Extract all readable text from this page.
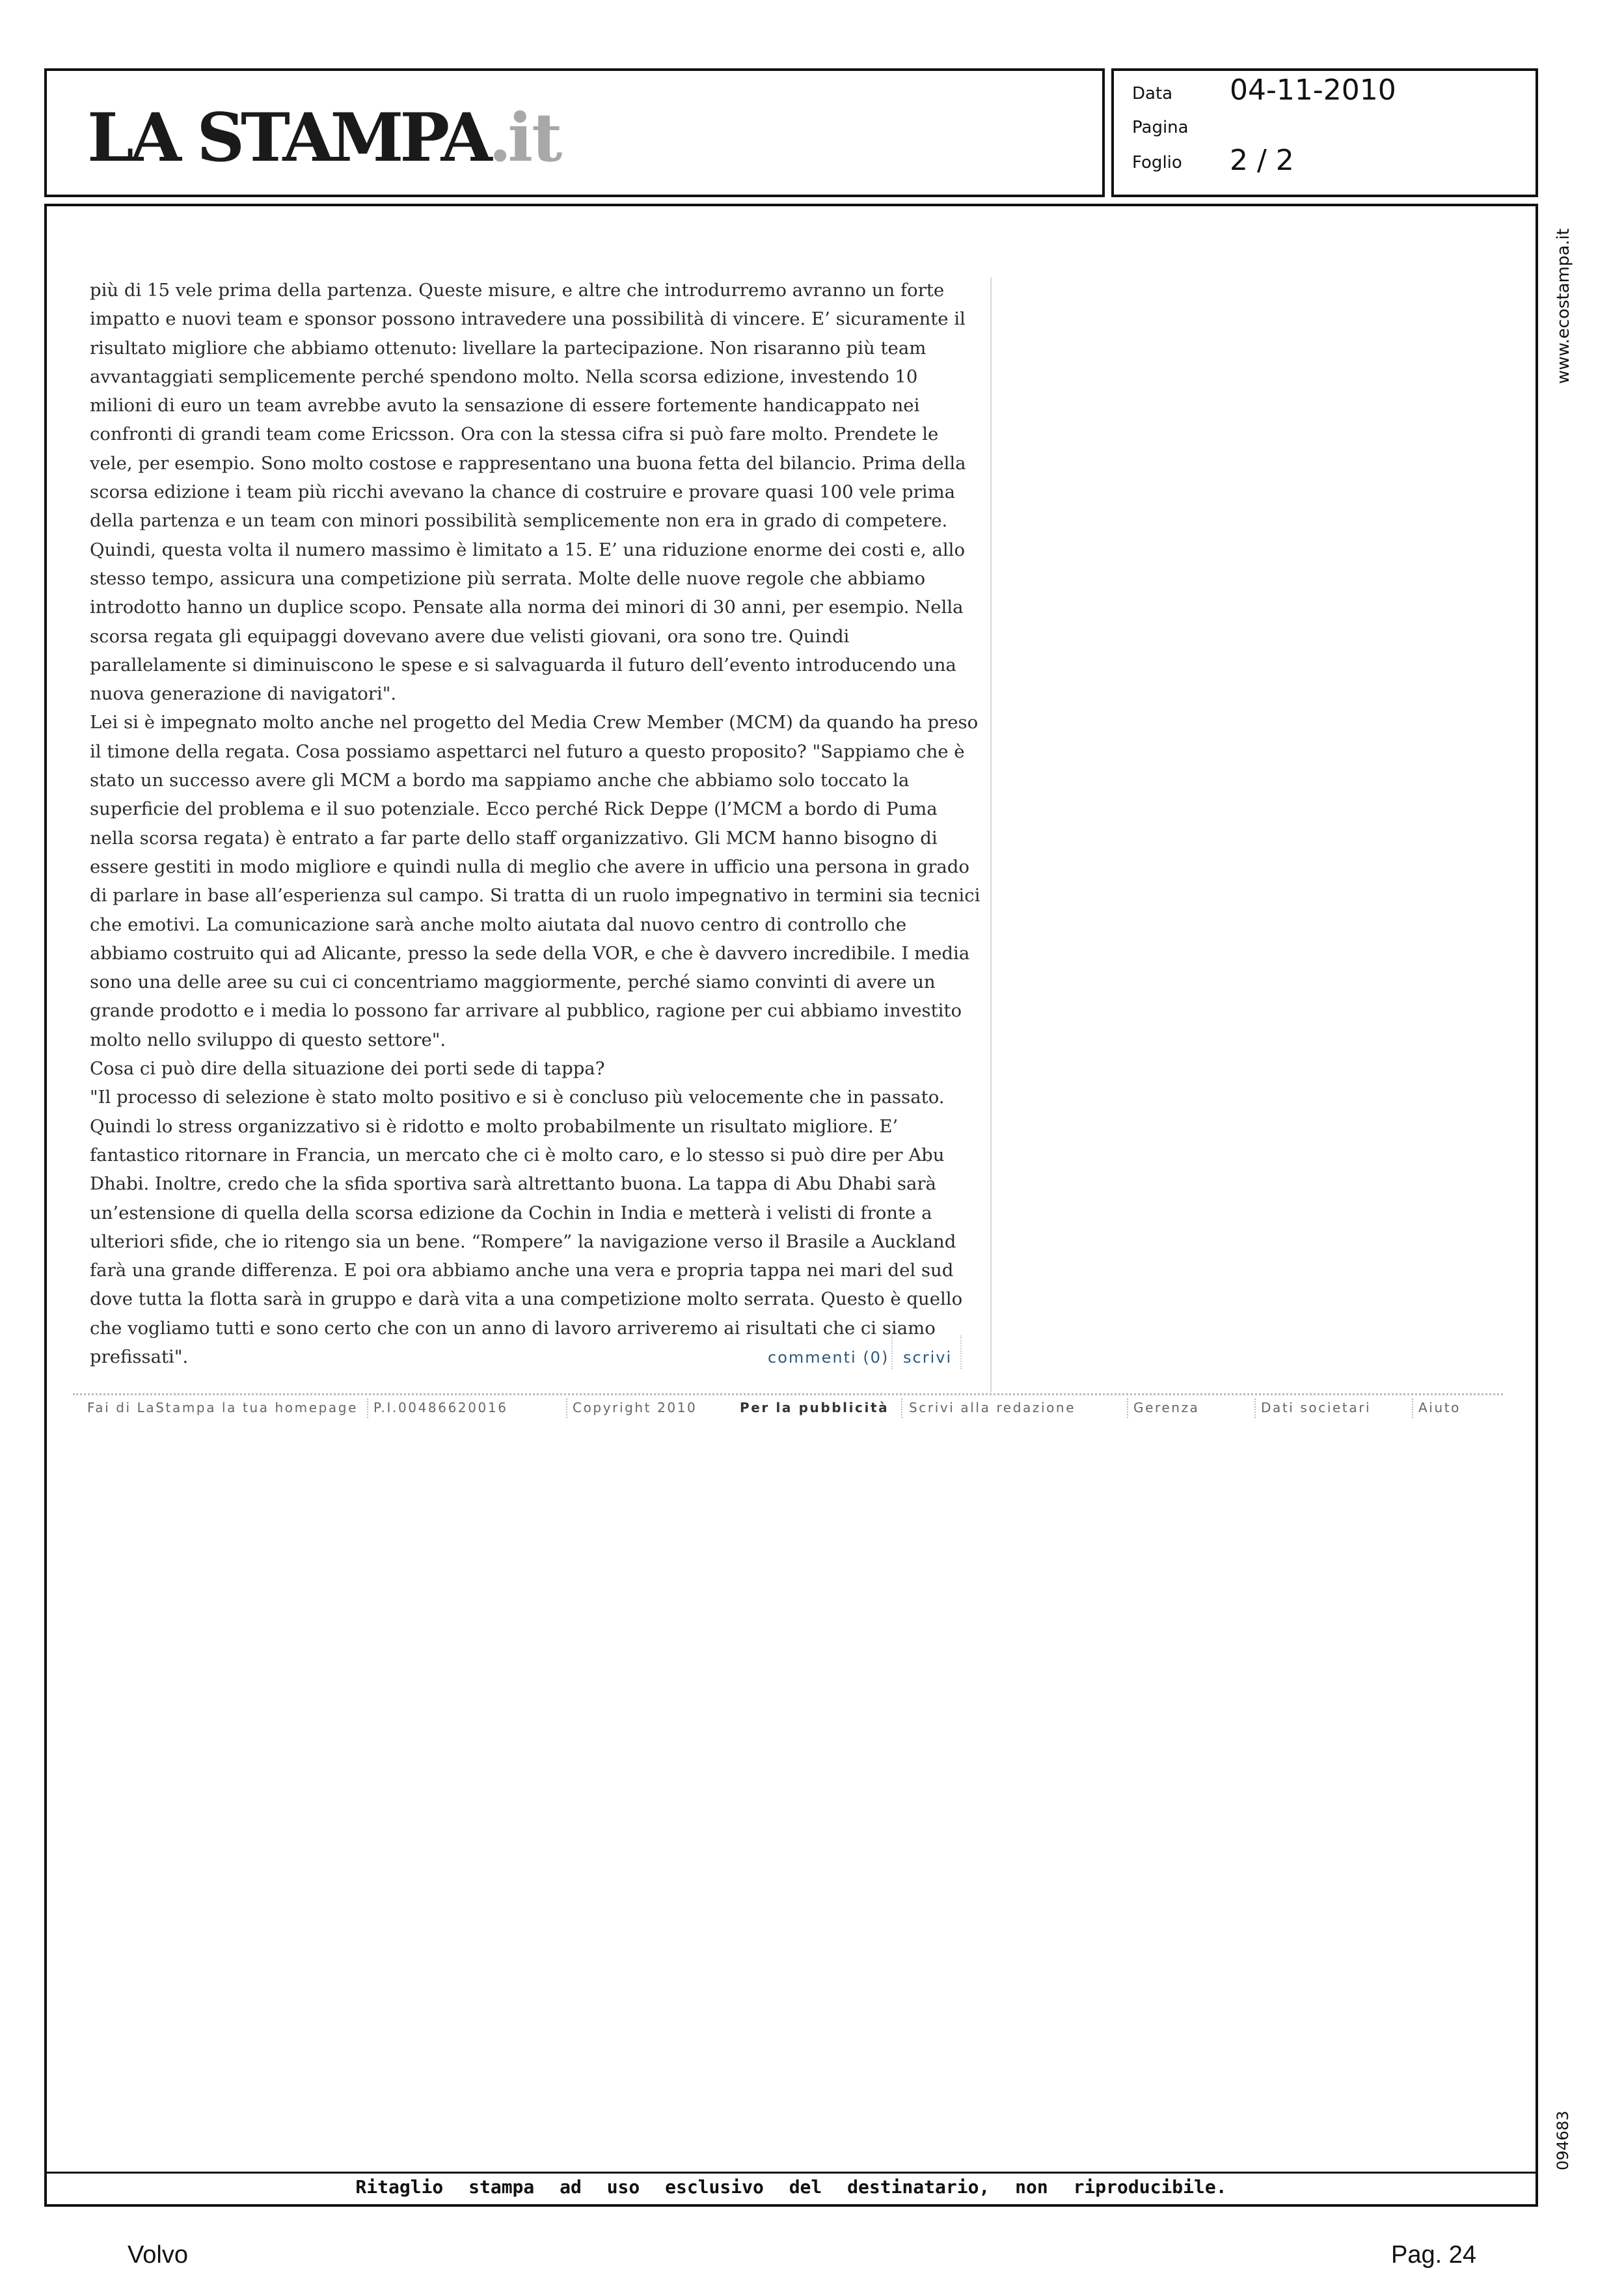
LA STAMPA.it
Data 04-11-2010
Pagina
Foglio 2 / 2
www.ecostampa.it
094683

più di 15 vele prima della partenza. Queste misure, e altre che introdurremo avranno un forte impatto e nuovi team e sponsor possono intravedere una possibilità di vincere. E’ sicuramente il risultato migliore che abbiamo ottenuto: livellare la partecipazione. Non risaranno più team avvantaggiati semplicemente perché spendono molto. Nella scorsa edizione, investendo 10 milioni di euro un team avrebbe avuto la sensazione di essere fortemente handicappato nei confronti di grandi team come Ericsson. Ora con la stessa cifra si può fare molto. Prendete le vele, per esempio. Sono molto costose e rappresentano una buona fetta del bilancio. Prima della scorsa edizione i team più ricchi avevano la chance di costruire e provare quasi 100 vele prima della partenza e un team con minori possibilità semplicemente non era in grado di competere. Quindi, questa volta il numero massimo è limitato a 15. E’ una riduzione enorme dei costi e, allo stesso tempo, assicura una competizione più serrata. Molte delle nuove regole che abbiamo introdotto hanno un duplice scopo. Pensate alla norma dei minori di 30 anni, per esempio. Nella scorsa regata gli equipaggi dovevano avere due velisti giovani, ora sono tre. Quindi parallelamente si diminuiscono le spese e si salvaguarda il futuro dell’evento introducendo una nuova generazione di navigatori".

Lei si è impegnato molto anche nel progetto del Media Crew Member (MCM) da quando ha preso il timone della regata. Cosa possiamo aspettarci nel futuro a questo proposito? "Sappiamo che è stato un successo avere gli MCM a bordo ma sappiamo anche che abbiamo solo toccato la superficie del problema e il suo potenziale. Ecco perché Rick Deppe (l’MCM a bordo di Puma nella scorsa regata) è entrato a far parte dello staff organizzativo. Gli MCM hanno bisogno di essere gestiti in modo migliore e quindi nulla di meglio che avere in ufficio una persona in grado di parlare in base all’esperienza sul campo. Si tratta di un ruolo impegnativo in termini sia tecnici che emotivi. La comunicazione sarà anche molto aiutata dal nuovo centro di controllo che abbiamo costruito qui ad Alicante, presso la sede della VOR, e che è davvero incredibile. I media sono una delle aree su cui ci concentriamo maggiormente, perché siamo convinti di avere un grande prodotto e i media lo possono far arrivare al pubblico, ragione per cui abbiamo investito molto nello sviluppo di questo settore".

Cosa ci può dire della situazione dei porti sede di tappa?

"Il processo di selezione è stato molto positivo e si è concluso più velocemente che in passato. Quindi lo stress organizzativo si è ridotto e molto probabilmente un risultato migliore. E’ fantastico ritornare in Francia, un mercato che ci è molto caro, e lo stesso si può dire per Abu Dhabi. Inoltre, credo che la sfida sportiva sarà altrettanto buona. La tappa di Abu Dhabi sarà un’estensione di quella della scorsa edizione da Cochin in India e metterà i velisti di fronte a ulteriori sfide, che io ritengo sia un bene. “Rompere” la navigazione verso il Brasile a Auckland farà una grande differenza. E poi ora abbiamo anche una vera e propria tappa nei mari del sud dove tutta la flotta sarà in gruppo e darà vita a una competizione molto serrata. Questo è quello che vogliamo tutti e sono certo che con un anno di lavoro arriveremo ai risultati che ci siamo prefissati".	commenti (0) scrivi
Fai di LaStampa la tua homepage P.I.00486620016	Copyright 2010	Per la pubblicità Scrivi alla redazione	Gerenza	Dati societari	Aiuto
Ritaglio stampa ad uso esclusivo del destinatario, non riproducibile.
Volvo	Pag. 24
